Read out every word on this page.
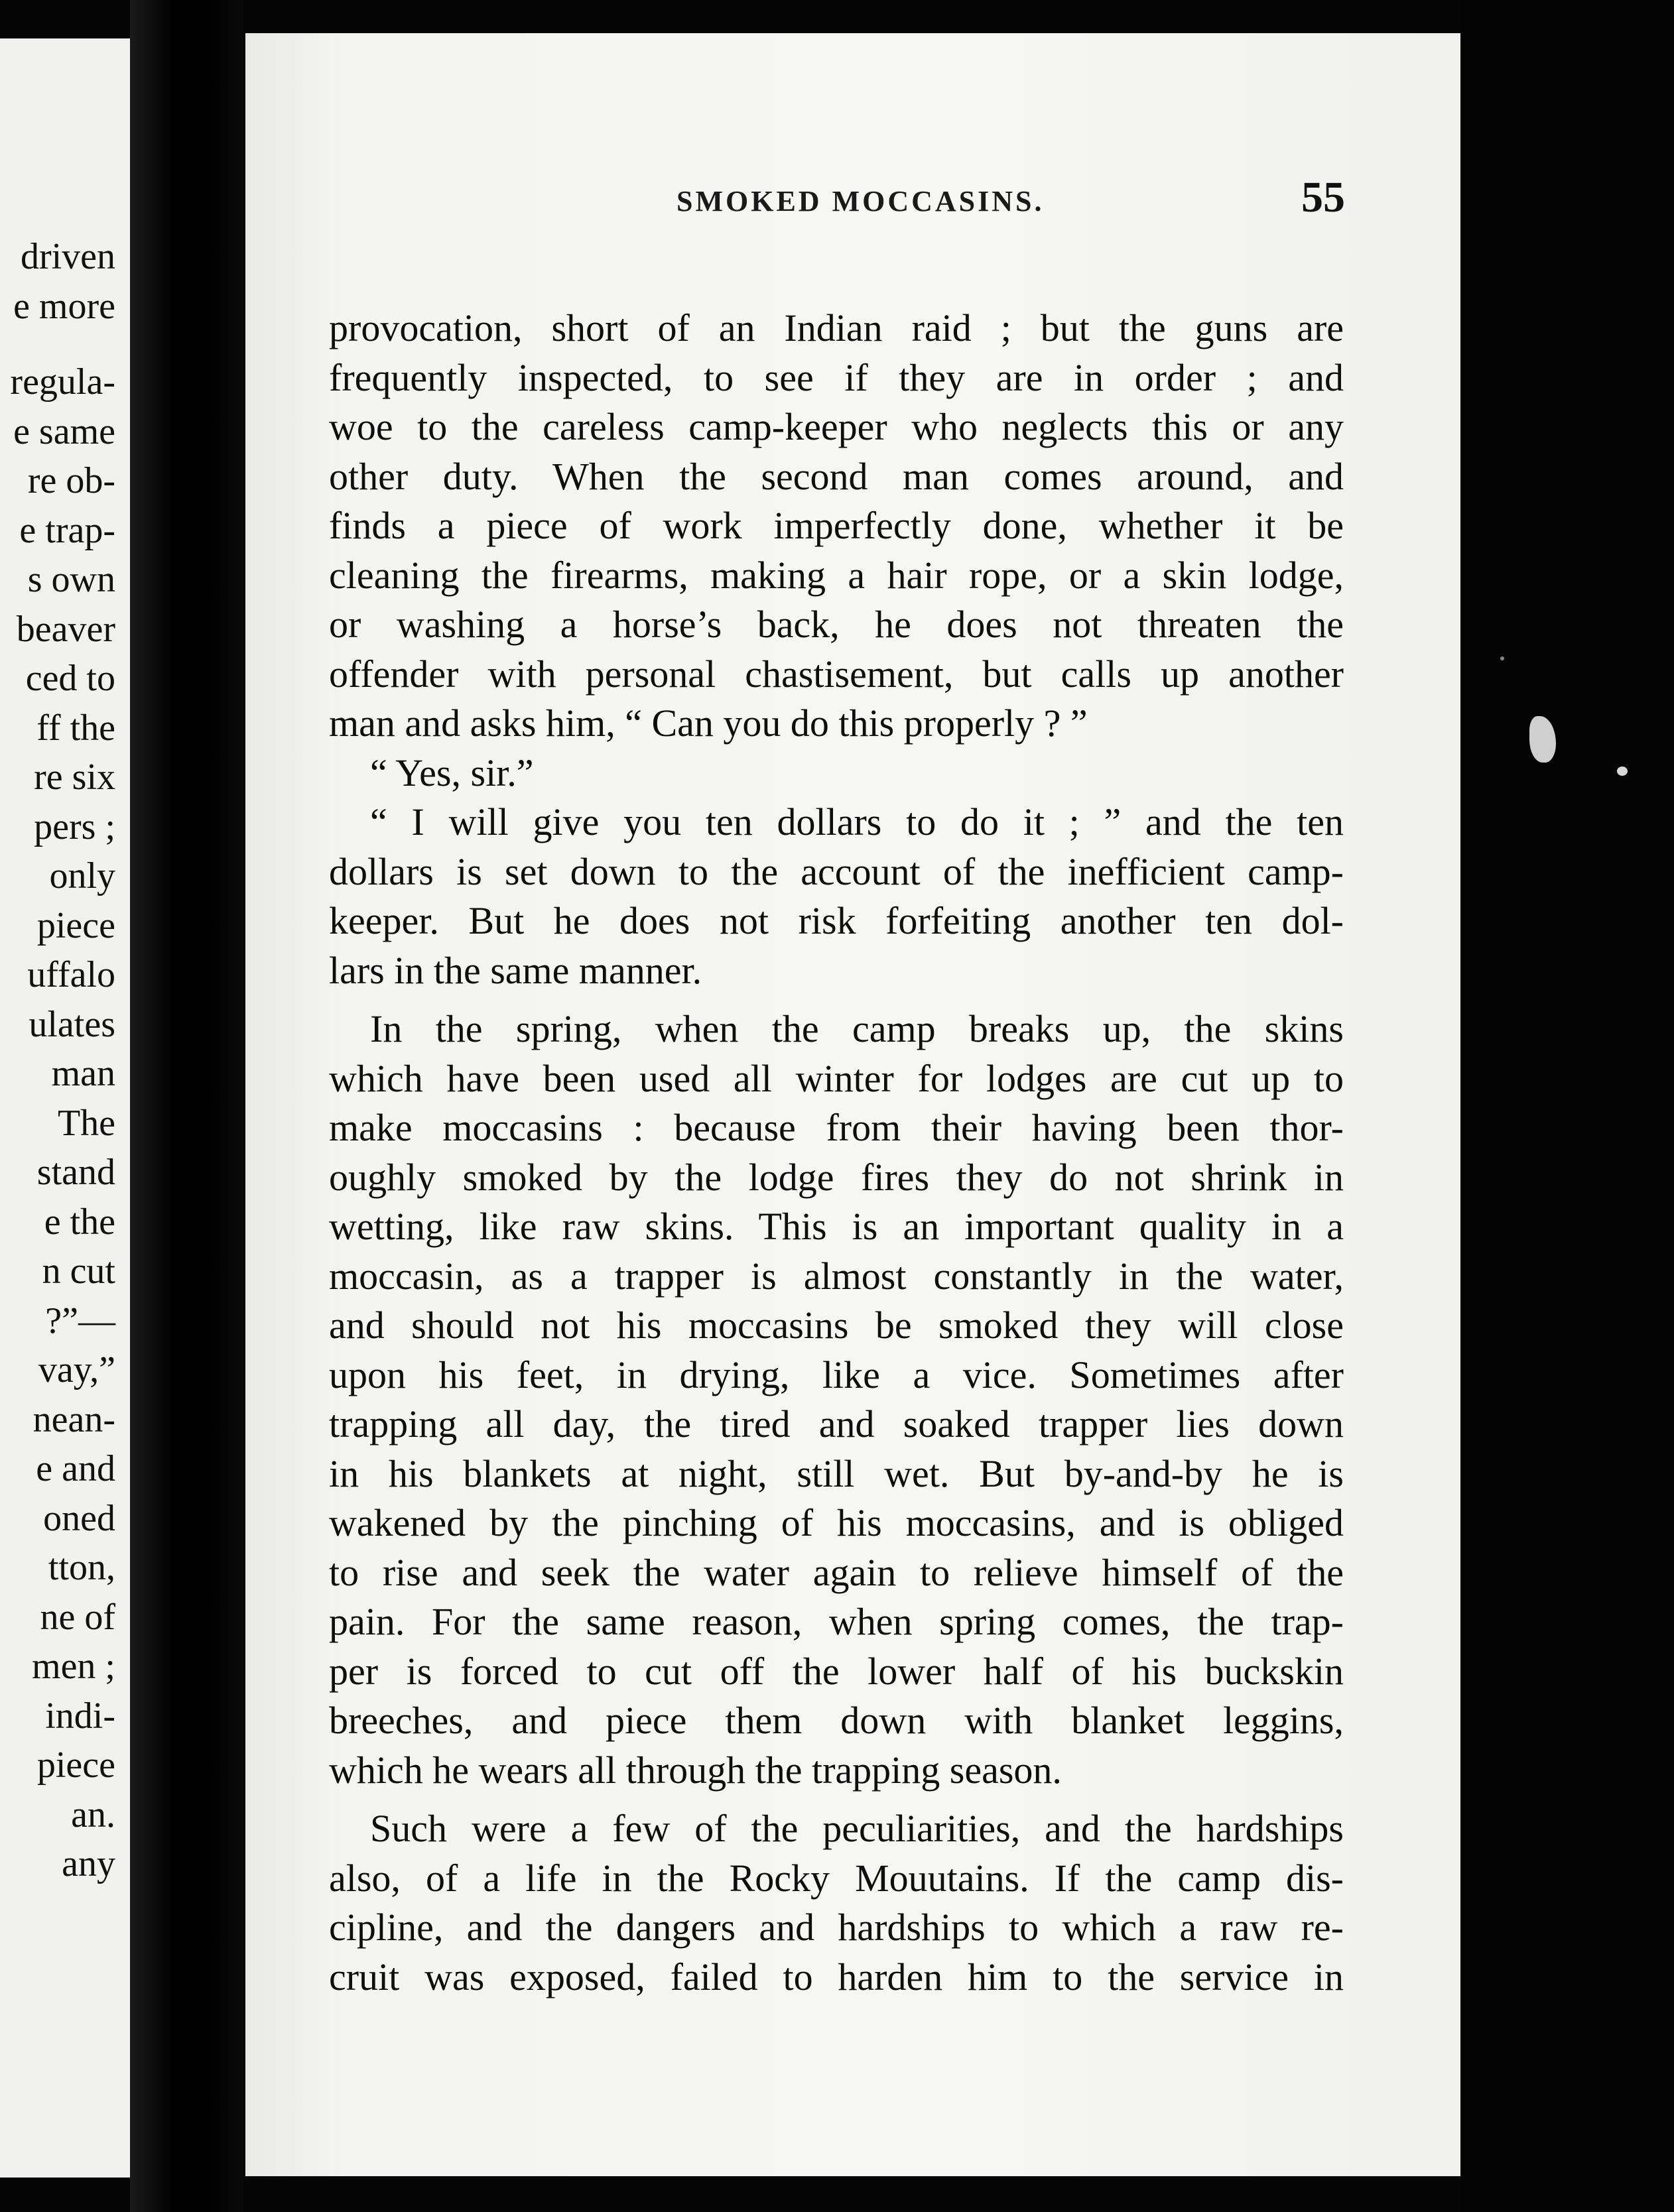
driven
e more
regula-
e same
re ob-
e trap-
s own
beaver
ced to
ff the
re six
pers ;
only
piece
uffalo
ulates
man
The
stand
e the
n cut
?”—
vay,”
nean-
e and
oned
tton,
ne of
men ;
indi-
piece
an.
any
SMOKED MOCCASINS.	55
provocation, short of an Indian raid ; but the guns are
frequently inspected, to see if they are in order ; and
woe to the careless camp-keeper who neglects this or any
other duty. When the second man comes around, and
finds a piece of work imperfectly done, whether it be
cleaning the firearms, making a hair rope, or a skin lodge,
or washing a horse’s back, he does not threaten the
offender with personal chastisement, but calls up another
man and asks him, “ Can you do this properly ? ”
“ Yes, sir.”
“ I will give you ten dollars to do it ; ” and the ten
dollars is set down to the account of the inefficient camp-
keeper. But he does not risk forfeiting another ten dol-
lars in the same manner.
In the spring, when the camp breaks up, the skins
which have been used all winter for lodges are cut up to
make moccasins : because from their having been thor-
oughly smoked by the lodge fires they do not shrink in
wetting, like raw skins. This is an important quality in a
moccasin, as a trapper is almost constantly in the water,
and should not his moccasins be smoked they will close
upon his feet, in drying, like a vice. Sometimes after
trapping all day, the tired and soaked trapper lies down
in his blankets at night, still wet. But by-and-by he is
wakened by the pinching of his moccasins, and is obliged
to rise and seek the water again to relieve himself of the
pain. For the same reason, when spring comes, the trap-
per is forced to cut off the lower half of his buckskin
breeches, and piece them down with blanket leggins,
which he wears all through the trapping season.
Such were a few of the peculiarities, and the hardships
also, of a life in the Rocky Mouutains. If the camp dis-
cipline, and the dangers and hardships to which a raw re-
cruit was exposed, failed to harden him to the service in
